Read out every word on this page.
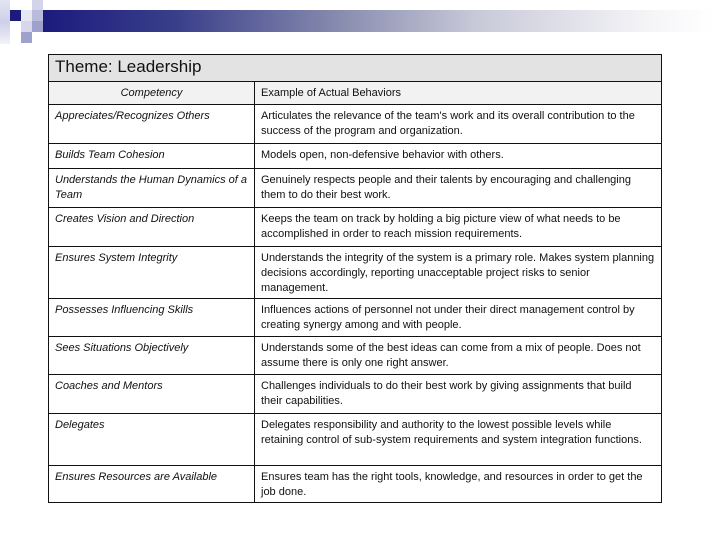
Theme: Leadership	
Competency	Example of Actual Behaviors
Appreciates/Recognizes Others	Articulates the relevance of the team's work and its overall contribution to the success of the program and organization.
Builds Team Cohesion	Models open, non-defensive behavior with others.
Understands the Human Dynamics of a Team	Genuinely respects people and their talents by encouraging and challenging them to do their best work.
Creates Vision and Direction	Keeps the team on track by holding a big picture view of what needs to be accomplished in order to reach mission requirements.
Ensures System Integrity	Understands the integrity of the system is a primary role. Makes system planning decisions accordingly, reporting unacceptable project risks to senior management.
Possesses Influencing Skills	Influences actions of personnel not under their direct management control by creating synergy among and with people.
Sees Situations Objectively	Understands some of the best ideas can come from a mix of people. Does not assume there is only one right answer.
Coaches and Mentors	Challenges individuals to do their best work by giving assignments that build their capabilities.
Delegates	Delegates responsibility and authority to the lowest possible levels while retaining control of sub-system requirements and system integration functions.
Ensures Resources are Available	Ensures team has the right tools, knowledge, and resources in order to get the job done.
